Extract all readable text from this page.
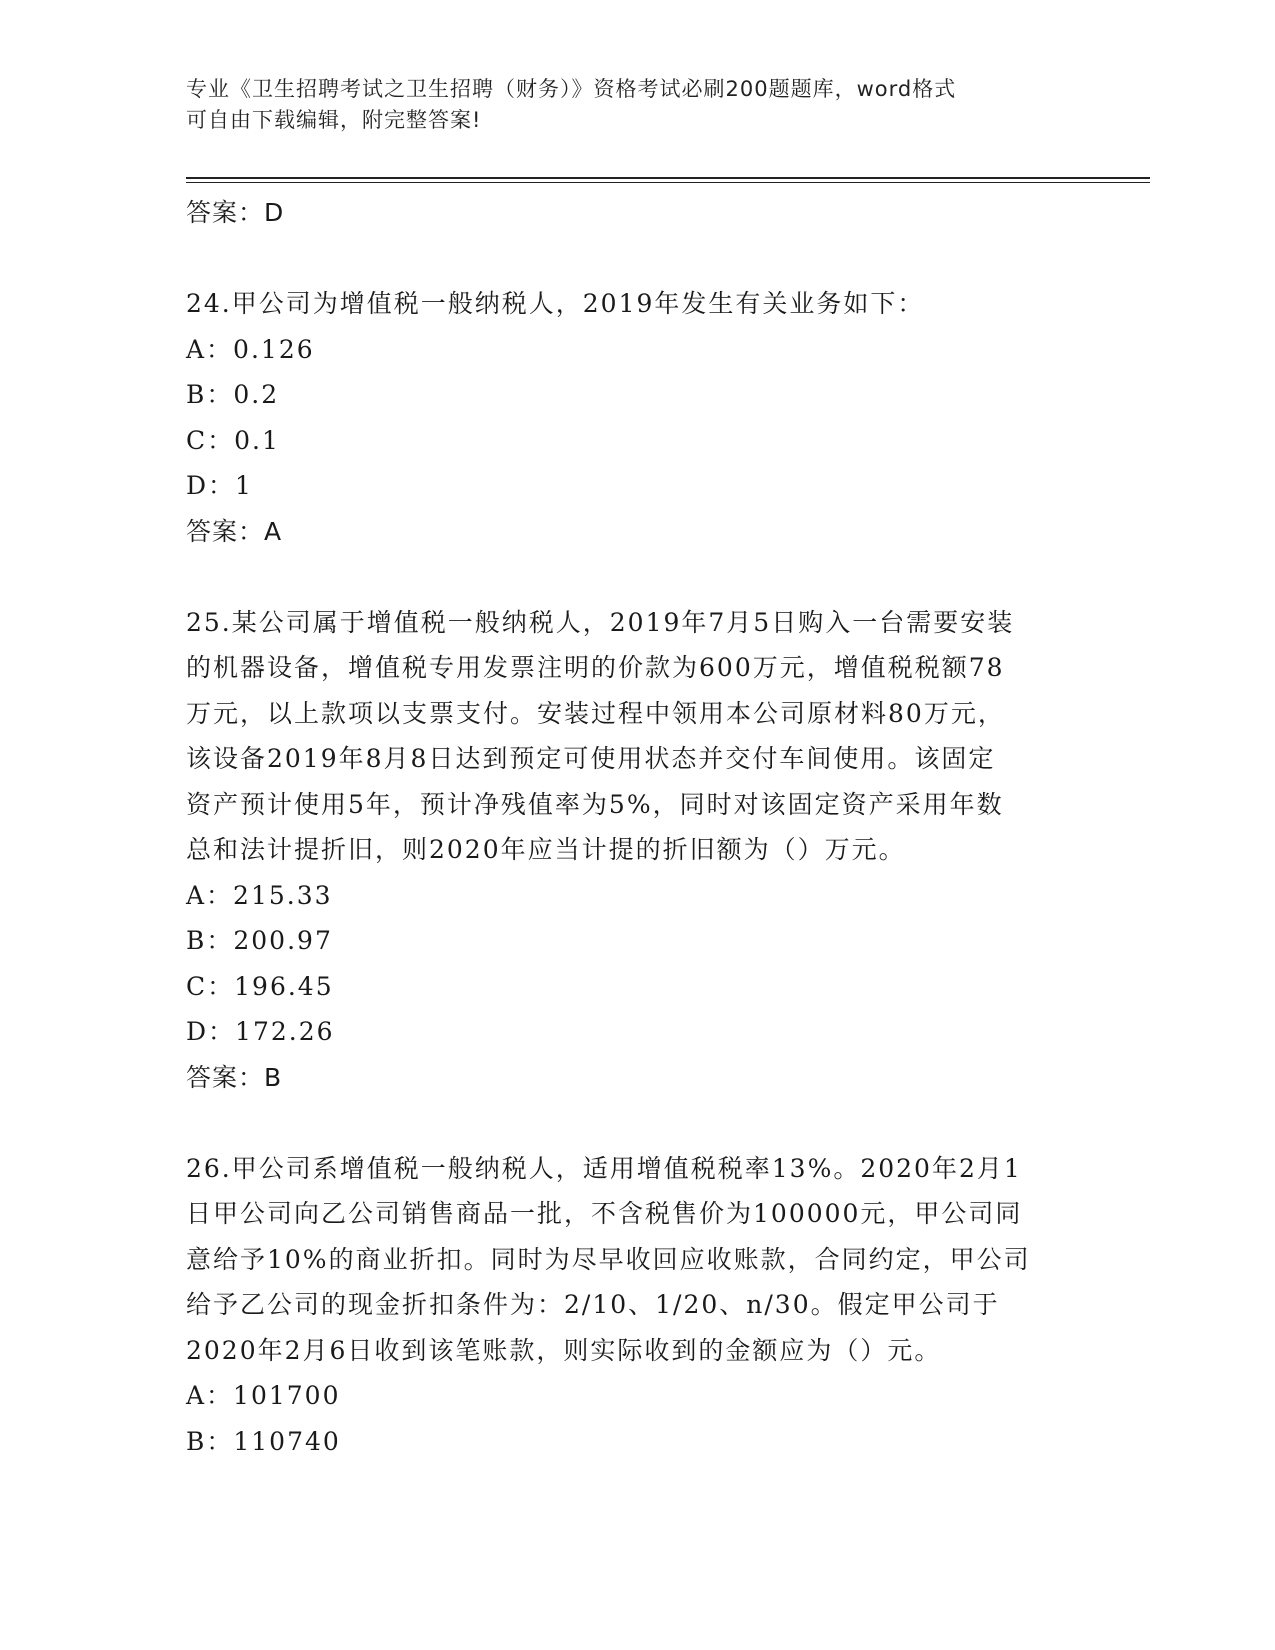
专业《卫生招聘考试之卫生招聘（财务）》资格考试必刷200题题库，word格式
可自由下载编辑，附完整答案!
答案：D
24.甲公司为增值税一般纳税人，2019年发生有关业务如下：
A：0.126
B：0.2
C：0.1
D：1
答案：A
25.某公司属于增值税一般纳税人，2019年7月5日购入一台需要安装
的机器设备，增值税专用发票注明的价款为600万元，增值税税额78
万元，以上款项以支票支付。安装过程中领用本公司原材料80万元，
该设备2019年8月8日达到预定可使用状态并交付车间使用。该固定
资产预计使用5年，预计净残值率为5%，同时对该固定资产采用年数
总和法计提折旧，则2020年应当计提的折旧额为（）万元。
A：215.33
B：200.97
C：196.45
D：172.26
答案：B
26.甲公司系增值税一般纳税人，适用增值税税率13%。2020年2月1
日甲公司向乙公司销售商品一批，不含税售价为100000元，甲公司同
意给予10%的商业折扣。同时为尽早收回应收账款，合同约定，甲公司
给予乙公司的现金折扣条件为：2/10、1/20、n/30。假定甲公司于
2020年2月6日收到该笔账款，则实际收到的金额应为（）元。
A：101700
B：110740
